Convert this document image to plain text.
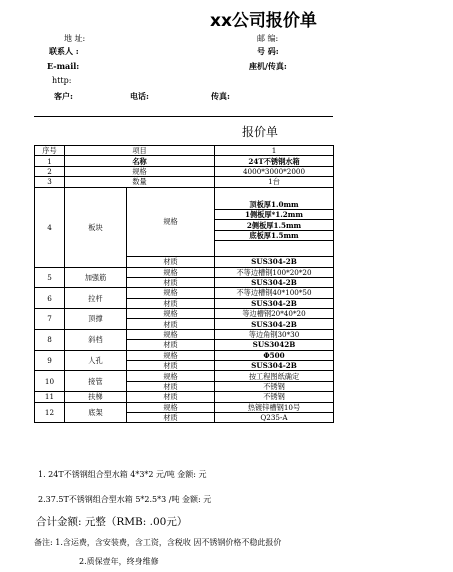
xx公司报价单
地 址:	邮 编:
联系人 :	号 码:
E-mail:	座机/传真:
http:
客户:	电话:	传真:
报价单
序号	项目		1
1	名称		24T不锈钢水箱
2	规格		4000*3000*2000
3	数量		1台
4	板块	规格	
			顶板厚1.0mm
			1侧板厚*1.2mm
			2侧板厚1.5mm
			底板厚1.5mm

		材质	SUS304-2B
5	加强筋	规格	不等边槽钢100*20*20
		材质	SUS304-2B
6	拉杆	规格	不等边槽钢40*100*50
		材质	SUS304-2B
7	顶撑	规格	等边槽钢20*40*20
		材质	SUS304-2B
8	斜档	规格	等边角钢30*30
		材质	SUS3042B
9	人孔	规格	Φ500
		材质	SUS304-2B
10	接管	规格	按工程图纸确定
		材质	不锈钢
11	扶梯	材质	不锈钢
12	底架	规格	热镀锌槽钢10号
		材质	Q235-A
1. 24T不锈钢组合型水箱 4*3*2 元/吨 金额: 元
2.37.5T不锈钢组合型水箱 5*2.5*3 /吨 金额: 元
合计金额: 元整（RMB: .00元）
备注: 1.含运费，含安装费，含工资，含税收 因不锈钢价格不稳此报价
2.质保壹年，终身维修
